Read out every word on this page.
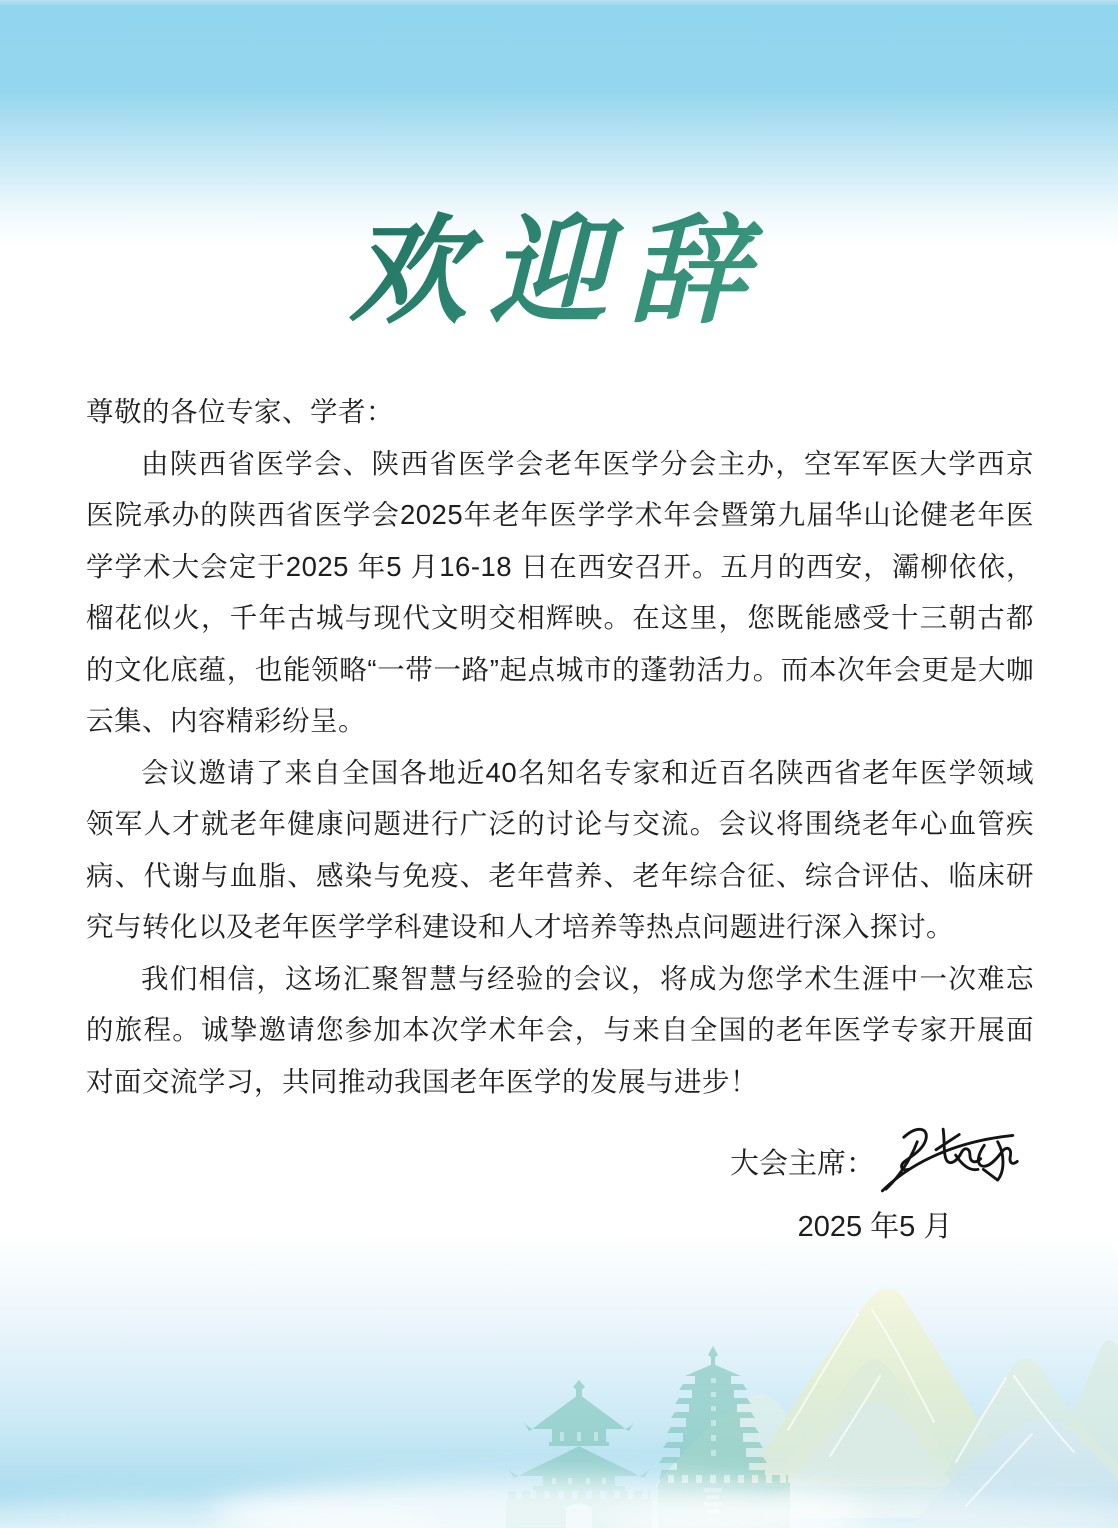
欢迎辞

尊敬的各位专家、学者：

由陕西省医学会、陕西省医学会老年医学分会主办，空军军医大学西京医院承办的陕西省医学会2025年老年医学学术年会暨第九届华山论健老年医学学术大会定于2025 年5 月16-18 日在西安召开。五月的西安，灞柳依依，榴花似火，千年古城与现代文明交相辉映。在这里，您既能感受十三朝古都的文化底蕴，也能领略“一带一路”起点城市的蓬勃活力。而本次年会更是大咖云集、内容精彩纷呈。

会议邀请了来自全国各地近40名知名专家和近百名陕西省老年医学领域领军人才就老年健康问题进行广泛的讨论与交流。会议将围绕老年心血管疾病、代谢与血脂、感染与免疫、老年营养、老年综合征、综合评估、临床研究与转化以及老年医学学科建设和人才培养等热点问题进行深入探讨。

我们相信，这场汇聚智慧与经验的会议，将成为您学术生涯中一次难忘的旅程。诚挚邀请您参加本次学术年会，与来自全国的老年医学专家开展面对面交流学习，共同推动我国老年医学的发展与进步！

大会主席：
2025 年5 月
